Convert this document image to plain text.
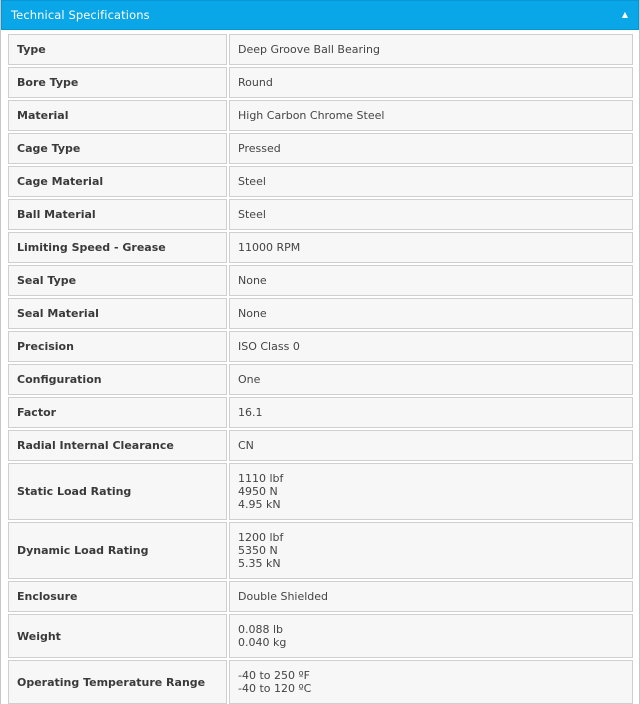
Technical Specifications	▲
Type	Deep Groove Ball Bearing

Bore Type	Round

Material	High Carbon Chrome Steel

Cage Type	Pressed

Cage Material	Steel

Ball Material	Steel

Limiting Speed - Grease	11000 RPM

Seal Type	None

Seal Material	None

Precision	ISO Class 0

Configuration	One

Factor	16.1

Radial Internal Clearance	CN

Static Load Rating	1110 lbf
4950 N
4.95 kN

Dynamic Load Rating	1200 lbf
5350 N
5.35 kN

Enclosure	Double Shielded

Weight	0.088 lb
0.040 kg

Operating Temperature Range	-40 to 250 ºF
-40 to 120 ºC
